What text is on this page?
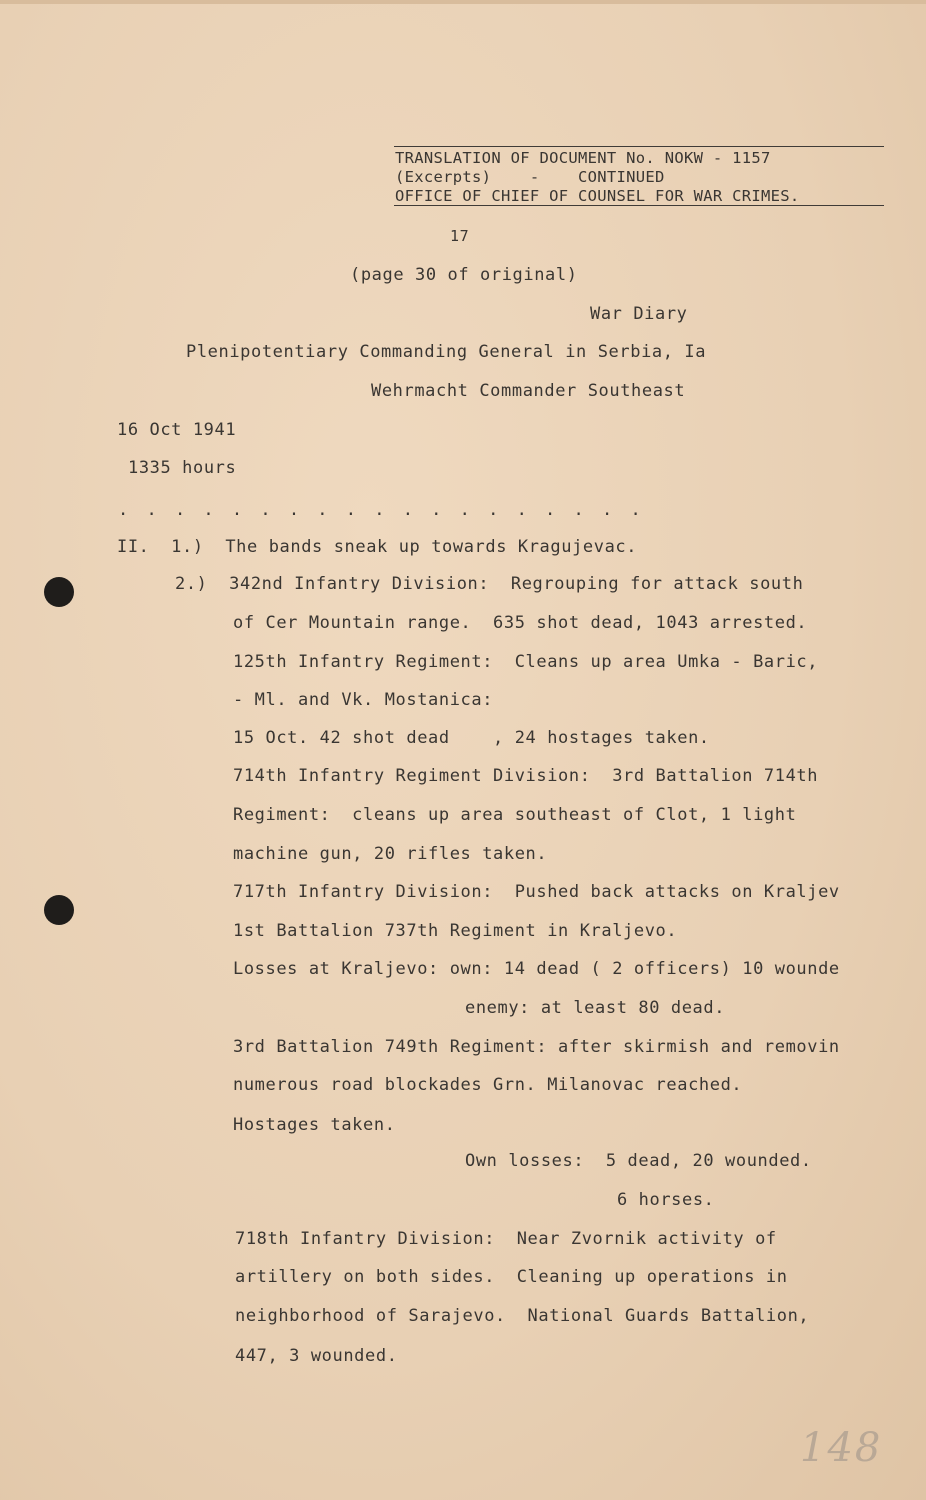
TRANSLATION OF DOCUMENT No. NOKW - 1157
(Excerpts)    -    CONTINUED
OFFICE OF CHIEF OF COUNSEL FOR WAR CRIMES.
17
(page 30 of original)
War Diary
Plenipotentiary Commanding General in Serbia, Ia
Wehrmacht Commander Southeast
16 Oct 1941
1335 hours
. . . . . . . . . . . . . . . . . . .
II.  1.)  The bands sneak up towards Kragujevac.
2.)  342nd Infantry Division:  Regrouping for attack south
of Cer Mountain range.  635 shot dead, 1043 arrested.
125th Infantry Regiment:  Cleans up area Umka - Baric,
- Ml. and Vk. Mostanica:
15 Oct. 42 shot dead    , 24 hostages taken.
714th Infantry Regiment Division:  3rd Battalion 714th
Regiment:  cleans up area southeast of Clot, 1 light
machine gun, 20 rifles taken.
717th Infantry Division:  Pushed back attacks on Kraljev
1st Battalion 737th Regiment in Kraljevo.
Losses at Kraljevo: own: 14 dead ( 2 officers) 10 wounde
enemy: at least 80 dead.
3rd Battalion 749th Regiment: after skirmish and removin
numerous road blockades Grn. Milanovac reached.
Hostages taken.
Own losses:  5 dead, 20 wounded.
6 horses.
718th Infantry Division:  Near Zvornik activity of
artillery on both sides.  Cleaning up operations in
neighborhood of Sarajevo.  National Guards Battalion,
447, 3 wounded.
148
